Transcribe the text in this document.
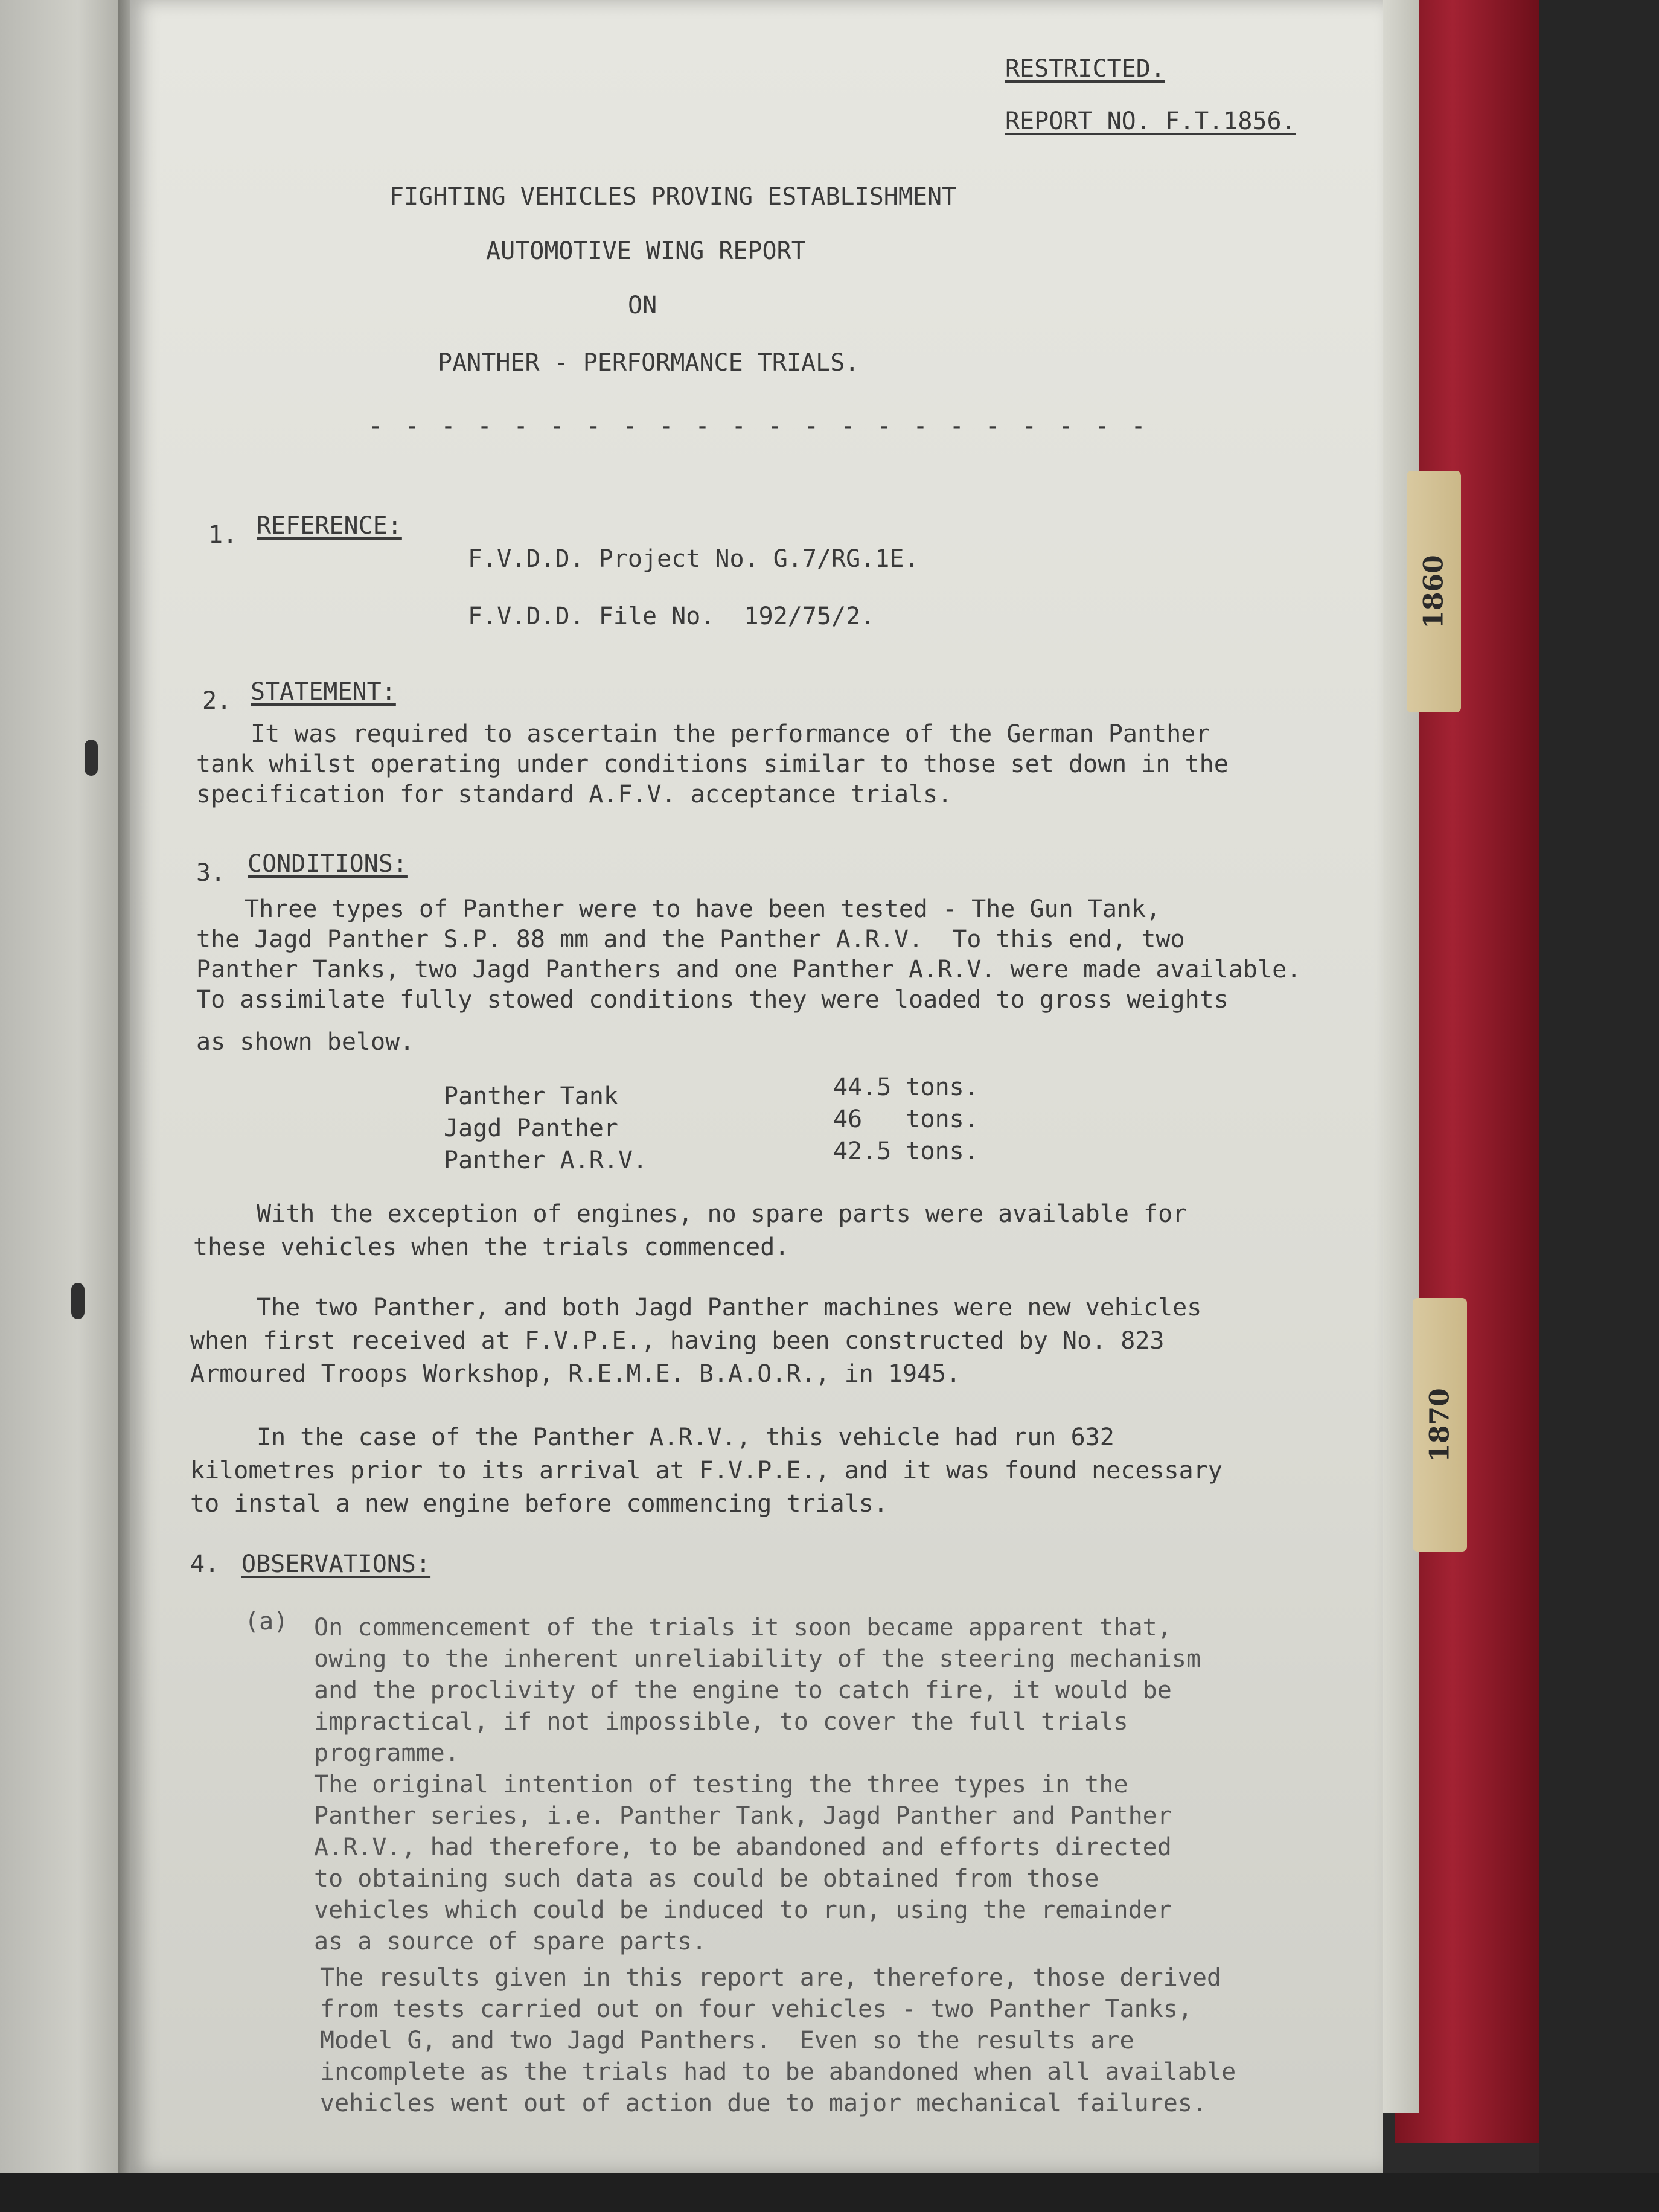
1860
1870
RESTRICTED.
REPORT NO. F.T.1856.
FIGHTING VEHICLES PROVING ESTABLISHMENT
AUTOMOTIVE WING REPORT
ON
PANTHER - PERFORMANCE TRIALS.
- - - - - - - - - - - - - - - - - - - - - -
1. REFERENCE:
F.V.D.D. Project No. G.7/RG.1E.
F.V.D.D. File No.  192/75/2.
2. STATEMENT:
It was required to ascertain the performance of the German Panther
tank whilst operating under conditions similar to those set down in the
specification for standard A.F.V. acceptance trials.
3. CONDITIONS:
Three types of Panther were to have been tested - The Gun Tank,
the Jagd Panther S.P. 88 mm and the Panther A.R.V.  To this end, two
Panther Tanks, two Jagd Panthers and one Panther A.R.V. were made available.
To assimilate fully stowed conditions they were loaded to gross weights
as shown below.
Panther Tank	44.5 tons.
Jagd Panther	46   tons.
Panther A.R.V.	42.5 tons.
With the exception of engines, no spare parts were available for
these vehicles when the trials commenced.
The two Panther, and both Jagd Panther machines were new vehicles
when first received at F.V.P.E., having been constructed by No. 823
Armoured Troops Workshop, R.E.M.E. B.A.O.R., in 1945.
In the case of the Panther A.R.V., this vehicle had run 632
kilometres prior to its arrival at F.V.P.E., and it was found necessary
to instal a new engine before commencing trials.
4. OBSERVATIONS:
(a) On commencement of the trials it soon became apparent that,
owing to the inherent unreliability of the steering mechanism
and the proclivity of the engine to catch fire, it would be
impractical, if not impossible, to cover the full trials
programme.
The original intention of testing the three types in the
Panther series, i.e. Panther Tank, Jagd Panther and Panther
A.R.V., had therefore, to be abandoned and efforts directed
to obtaining such data as could be obtained from those
vehicles which could be induced to run, using the remainder
as a source of spare parts.
The results given in this report are, therefore, those derived
from tests carried out on four vehicles - two Panther Tanks,
Model G, and two Jagd Panthers.  Even so the results are
incomplete as the trials had to be abandoned when all available
vehicles went out of action due to major mechanical failures.
